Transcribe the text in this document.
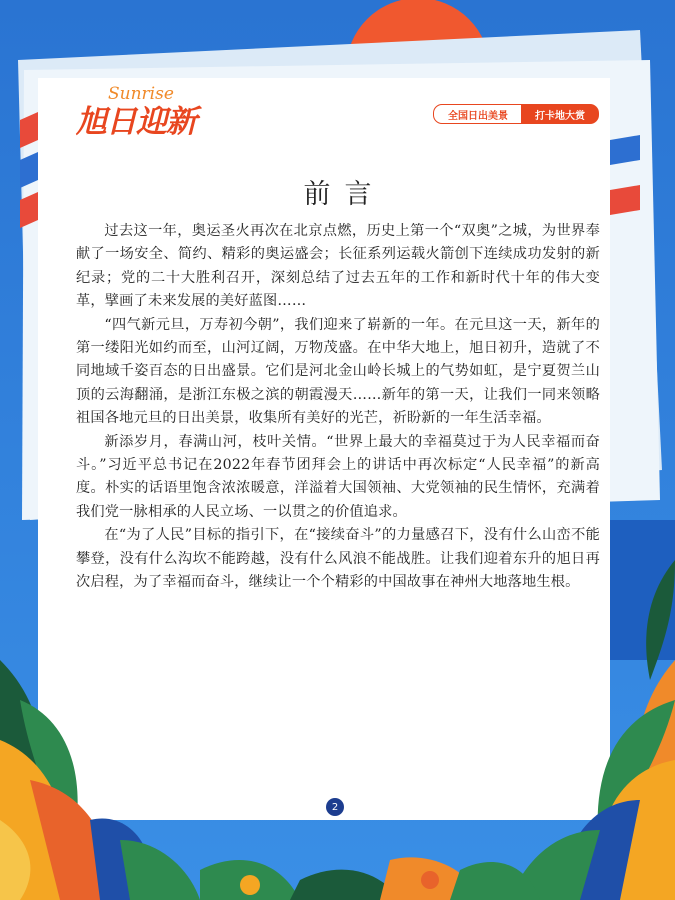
旭日迎新
Sunrise
全国日出美景	打卡地大赏
前言

过去这一年，奥运圣火再次在北京点燃，历史上第一个“双奥”之城，为世界奉献了一场安全、简约、精彩的奥运盛会；长征系列运载火箭创下连续成功发射的新纪录；党的二十大胜利召开，深刻总结了过去五年的工作和新时代十年的伟大变革，擘画了未来发展的美好蓝图……

“四气新元旦，万寿初今朝”，我们迎来了崭新的一年。在元旦这一天，新年的第一缕阳光如约而至，山河辽阔，万物茂盛。在中华大地上，旭日初升，造就了不同地域千姿百态的日出盛景。它们是河北金山岭长城上的气势如虹，是宁夏贺兰山顶的云海翻涌，是浙江东极之滨的朝霞漫天……新年的第一天，让我们一同来领略祖国各地元旦的日出美景，收集所有美好的光芒，祈盼新的一年生活幸福。

新添岁月，春满山河，枝叶关情。“世界上最大的幸福莫过于为人民幸福而奋斗。”习近平总书记在2022年春节团拜会上的讲话中再次标定“人民幸福”的新高度。朴实的话语里饱含浓浓暖意，洋溢着大国领袖、大党领袖的民生情怀，充满着我们党一脉相承的人民立场、一以贯之的价值追求。

在“为了人民”目标的指引下，在“接续奋斗”的力量感召下，没有什么山峦不能攀登，没有什么沟坎不能跨越，没有什么风浪不能战胜。让我们迎着东升的旭日再次启程，为了幸福而奋斗，继续让一个个精彩的中国故事在神州大地落地生根。

2
